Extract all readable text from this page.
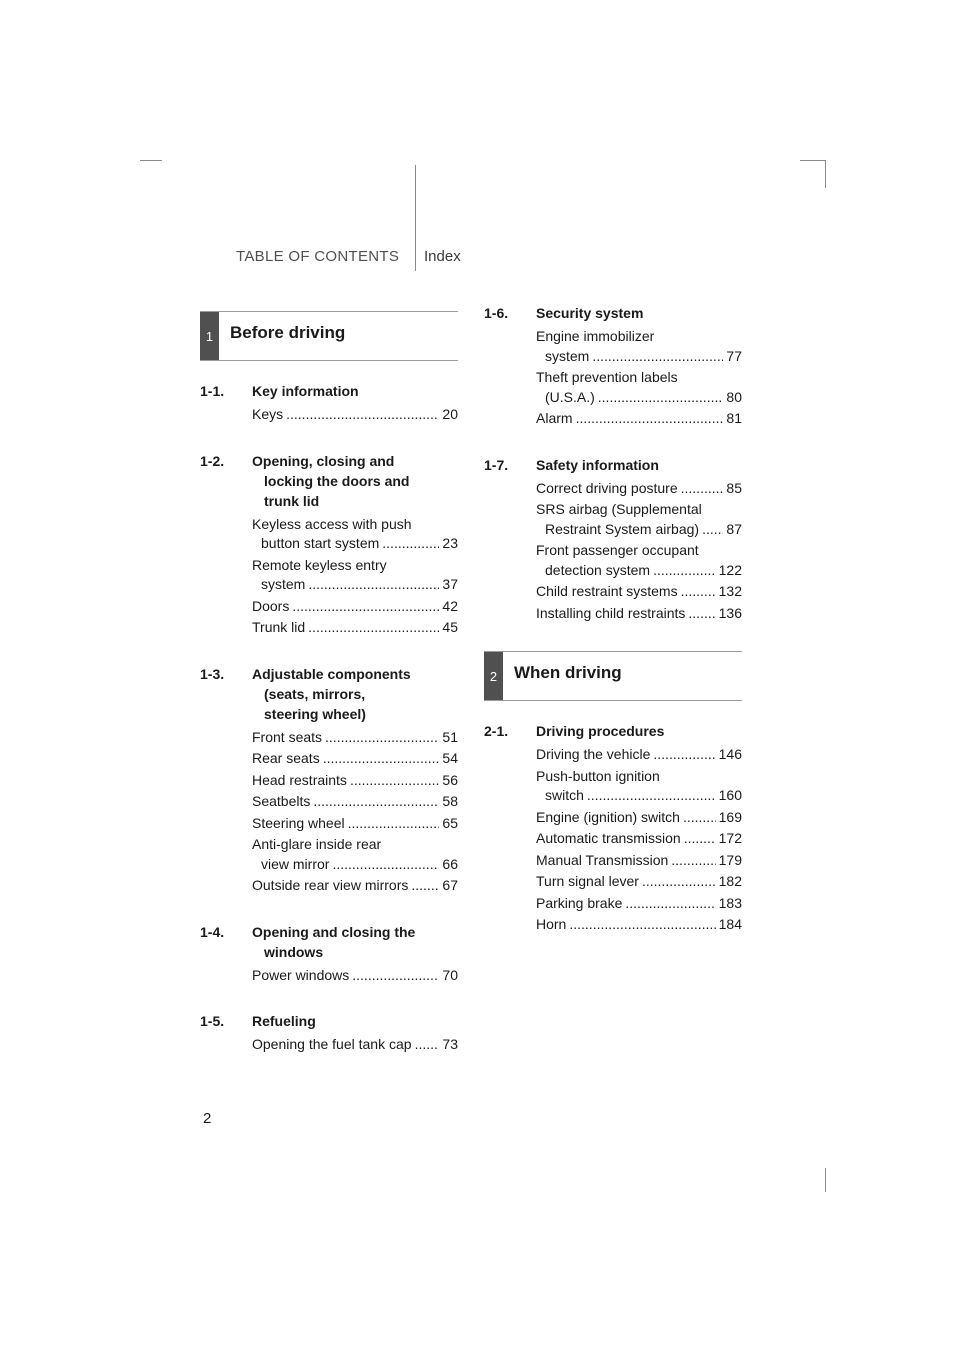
TABLE OF CONTENTS Index
1 Before driving
1-1.	Key information
Keys .....	20
1-2.	Opening, closing and
locking the doors and
trunk lid
Keyless access with push
button start system .....	23
Remote keyless entry
system .....	37
Doors .....	42
Trunk lid .....	45
1-3.	Adjustable components
(seats, mirrors,
steering wheel)
Front seats .....	51
Rear seats .....	54
Head restraints .....	56
Seatbelts .....	58
Steering wheel .....	65
Anti-glare inside rear
view mirror .....	66
Outside rear view mirrors ..... 67
1-4.	Opening and closing the
windows
Power windows .....	70
1-5.	Refueling
Opening the fuel tank cap ..... 73
1-6.	Security system
Engine immobilizer
system .....	77
Theft prevention labels
(U.S.A.) .....	80
Alarm .....	81
1-7.	Safety information
Correct driving posture .....	85
SRS airbag (Supplemental
Restraint System airbag) ..... 87
Front passenger occupant
detection system .....	122
Child restraint systems .....	132
Installing child restraints ..... 136
2 When driving
2-1.	Driving procedures
Driving the vehicle .....	146
Push-button ignition
switch .....	160
Engine (ignition) switch .....	169
Automatic transmission .....	172
Manual Transmission .....	179
Turn signal lever .....	182
Parking brake .....	183
Horn .....	184
2
